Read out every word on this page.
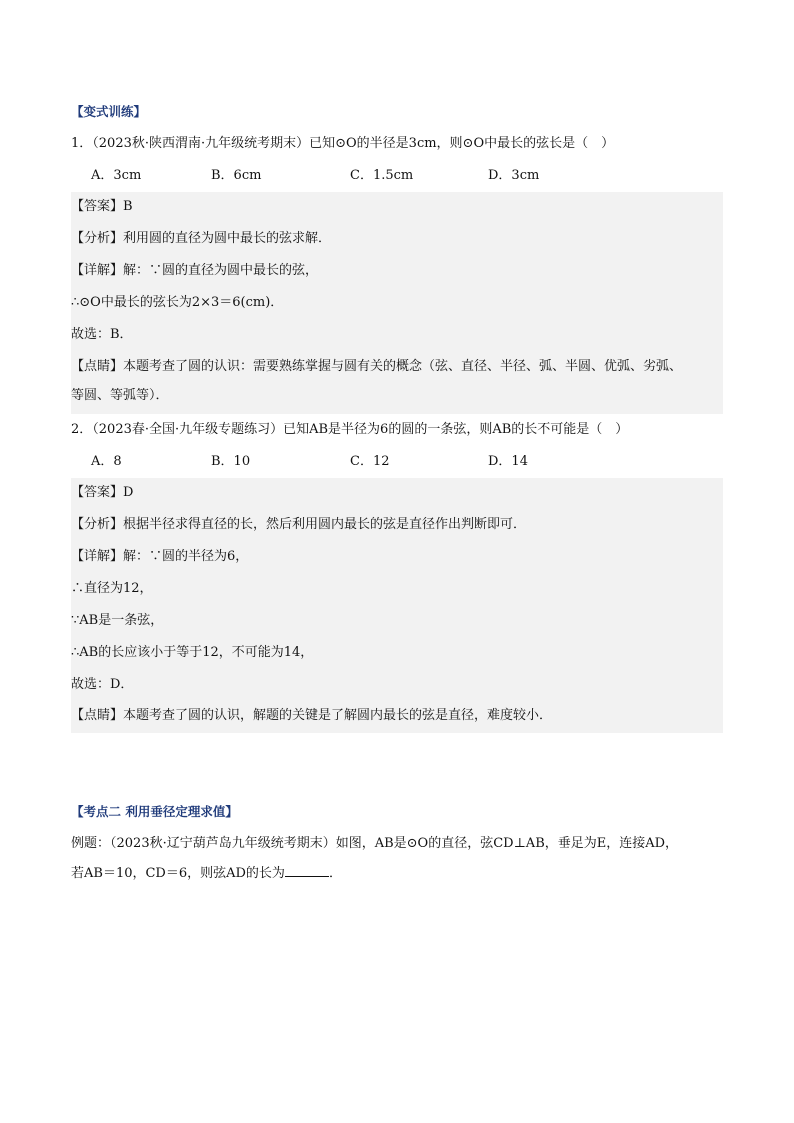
【变式训练】
1．（2023秋·陕西渭南·九年级统考期末）已知⊙O的半径是3cm，则⊙O中最长的弦长是（　）
A．3cm	B．6cm	C．1.5cm	D．3cm
【答案】B
【分析】利用圆的直径为圆中最长的弦求解．
【详解】解：∵圆的直径为圆中最长的弦，
∴⊙O中最长的弦长为2×3＝6(cm)．
故选：B．
【点睛】本题考查了圆的认识：需要熟练掌握与圆有关的概念（弦、直径、半径、弧、半圆、优弧、劣弧、
等圆、等弧等）．
2．（2023春·全国·九年级专题练习）已知AB是半径为6的圆的一条弦，则AB的长不可能是（　）
A．8	B．10	C．12	D．14
【答案】D
【分析】根据半径求得直径的长，然后利用圆内最长的弦是直径作出判断即可．
【详解】解：∵圆的半径为6，
∴直径为12，
∵AB是一条弦，
∴AB的长应该小于等于12，不可能为14，
故选：D．
【点睛】本题考查了圆的认识，解题的关键是了解圆内最长的弦是直径，难度较小．
【考点二 利用垂径定理求值】
例题：（2023秋·辽宁葫芦岛九年级统考期末）如图，AB是⊙O的直径，弦CD⊥AB，垂足为E，连接AD，
若AB＝10，CD＝6，则弦AD的长为	．
